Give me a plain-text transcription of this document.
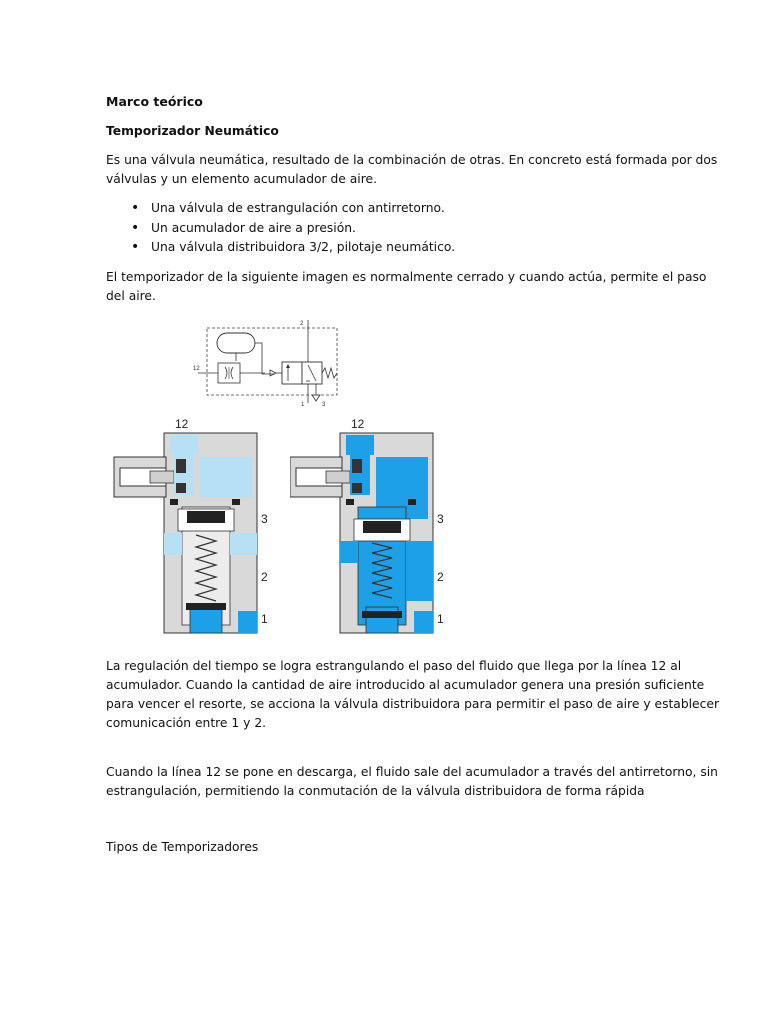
Marco teórico

Temporizador Neumático

Es una válvula neumática, resultado de la combinación de otras. En concreto está formada por dos

válvulas y un elemento acumulador de aire.

• Una válvula de estrangulación con antirretorno.
• Un acumulador de aire a presión.
• Una válvula distribuidora 3/2, pilotaje neumático.

El temporizador de la siguiente imagen es normalmente cerrado y cuando actúa, permite el paso

del aire.

2
12
1	3
12
3
2
1
12
3
2
1

La regulación del tiempo se logra estrangulando el paso del fluido que llega por la línea 12 al

acumulador. Cuando la cantidad de aire introducido al acumulador genera una presión suficiente

para vencer el resorte, se acciona la válvula distribuidora para permitir el paso de aire y establecer

comunicación entre 1 y 2.

Cuando la línea 12 se pone en descarga, el fluido sale del acumulador a través del antirretorno, sin

estrangulación, permitiendo la conmutación de la válvula distribuidora de forma rápida

Tipos de Temporizadores
